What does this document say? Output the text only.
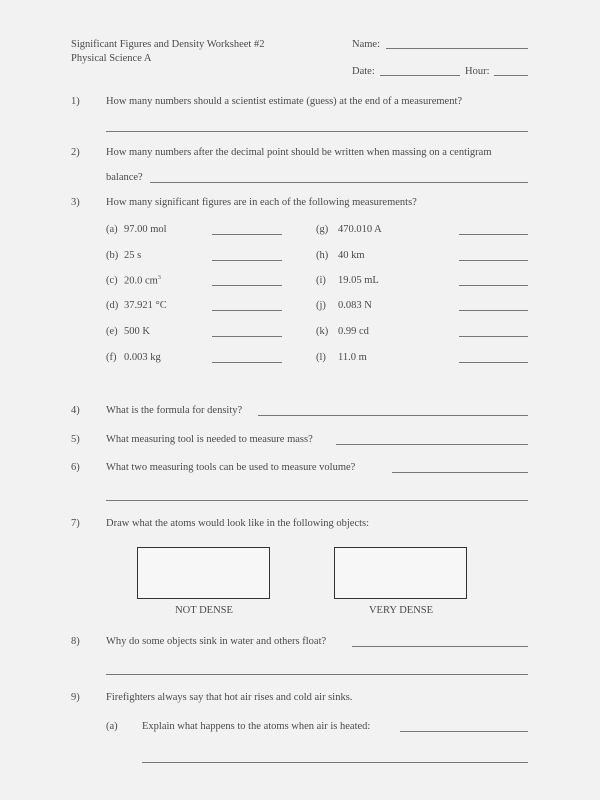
Significant Figures and Density Worksheet #2
Physical Science A
Name:
Date:	Hour:
1)	How many numbers should a scientist estimate (guess) at the end of a measurement?
2)	How many numbers after the decimal point should be written when massing on a centigram
balance?
3)	How many significant figures are in each of the following measurements?
(a) 97.00 mol
(b) 25 s
(c) 20.0 $cm^3$
(d) 37.921 °C
(e) 500 K
(f) 0.003 kg
(g) 470.010 A
(h) 40 km
(i) 19.05 mL
(j) 0.083 N
(k) 0.99 cd
(l) 11.0 m
4)	What is the formula for density?
5)	What measuring tool is needed to measure mass?
6)	What two measuring tools can be used to measure volume?
7)	Draw what the atoms would look like in the following objects:
NOT DENSE	VERY DENSE
8)	Why do some objects sink in water and others float?
9)	Firefighters always say that hot air rises and cold air sinks.
(a) Explain what happens to the atoms when air is heated:
